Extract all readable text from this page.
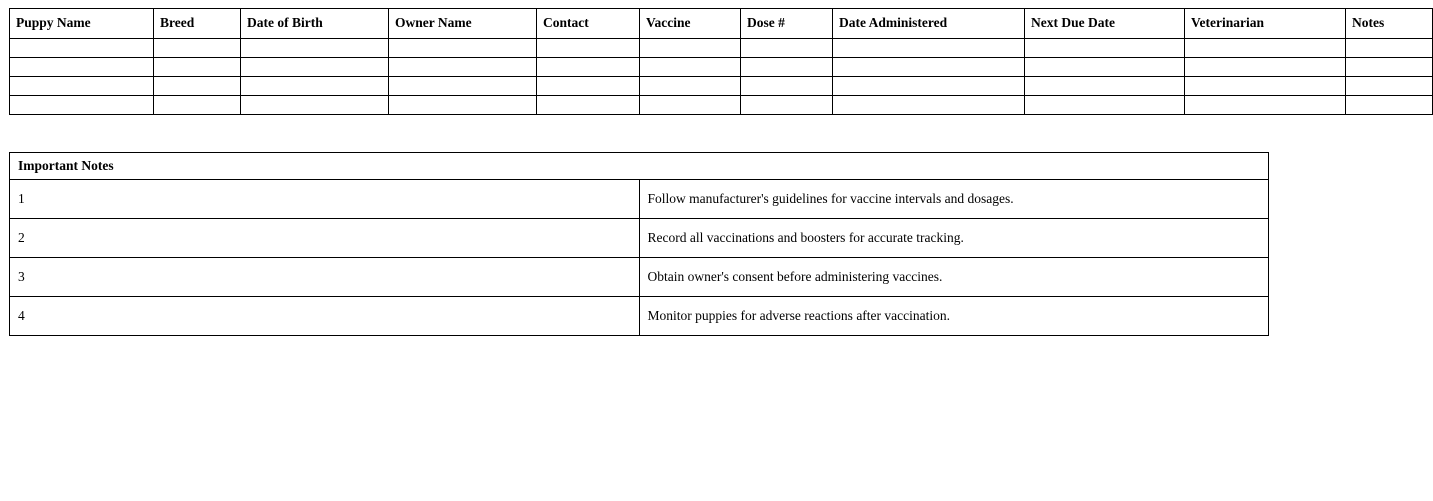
Puppy Name	Breed	Date of Birth	Owner Name	Contact	Vaccine	Dose #	Date Administered	Next Due Date	Veterinarian	Notes

Important Notes	
1	Follow manufacturer's guidelines for vaccine intervals and dosages.
2	Record all vaccinations and boosters for accurate tracking.
3	Obtain owner's consent before administering vaccines.
4	Monitor puppies for adverse reactions after vaccination.
